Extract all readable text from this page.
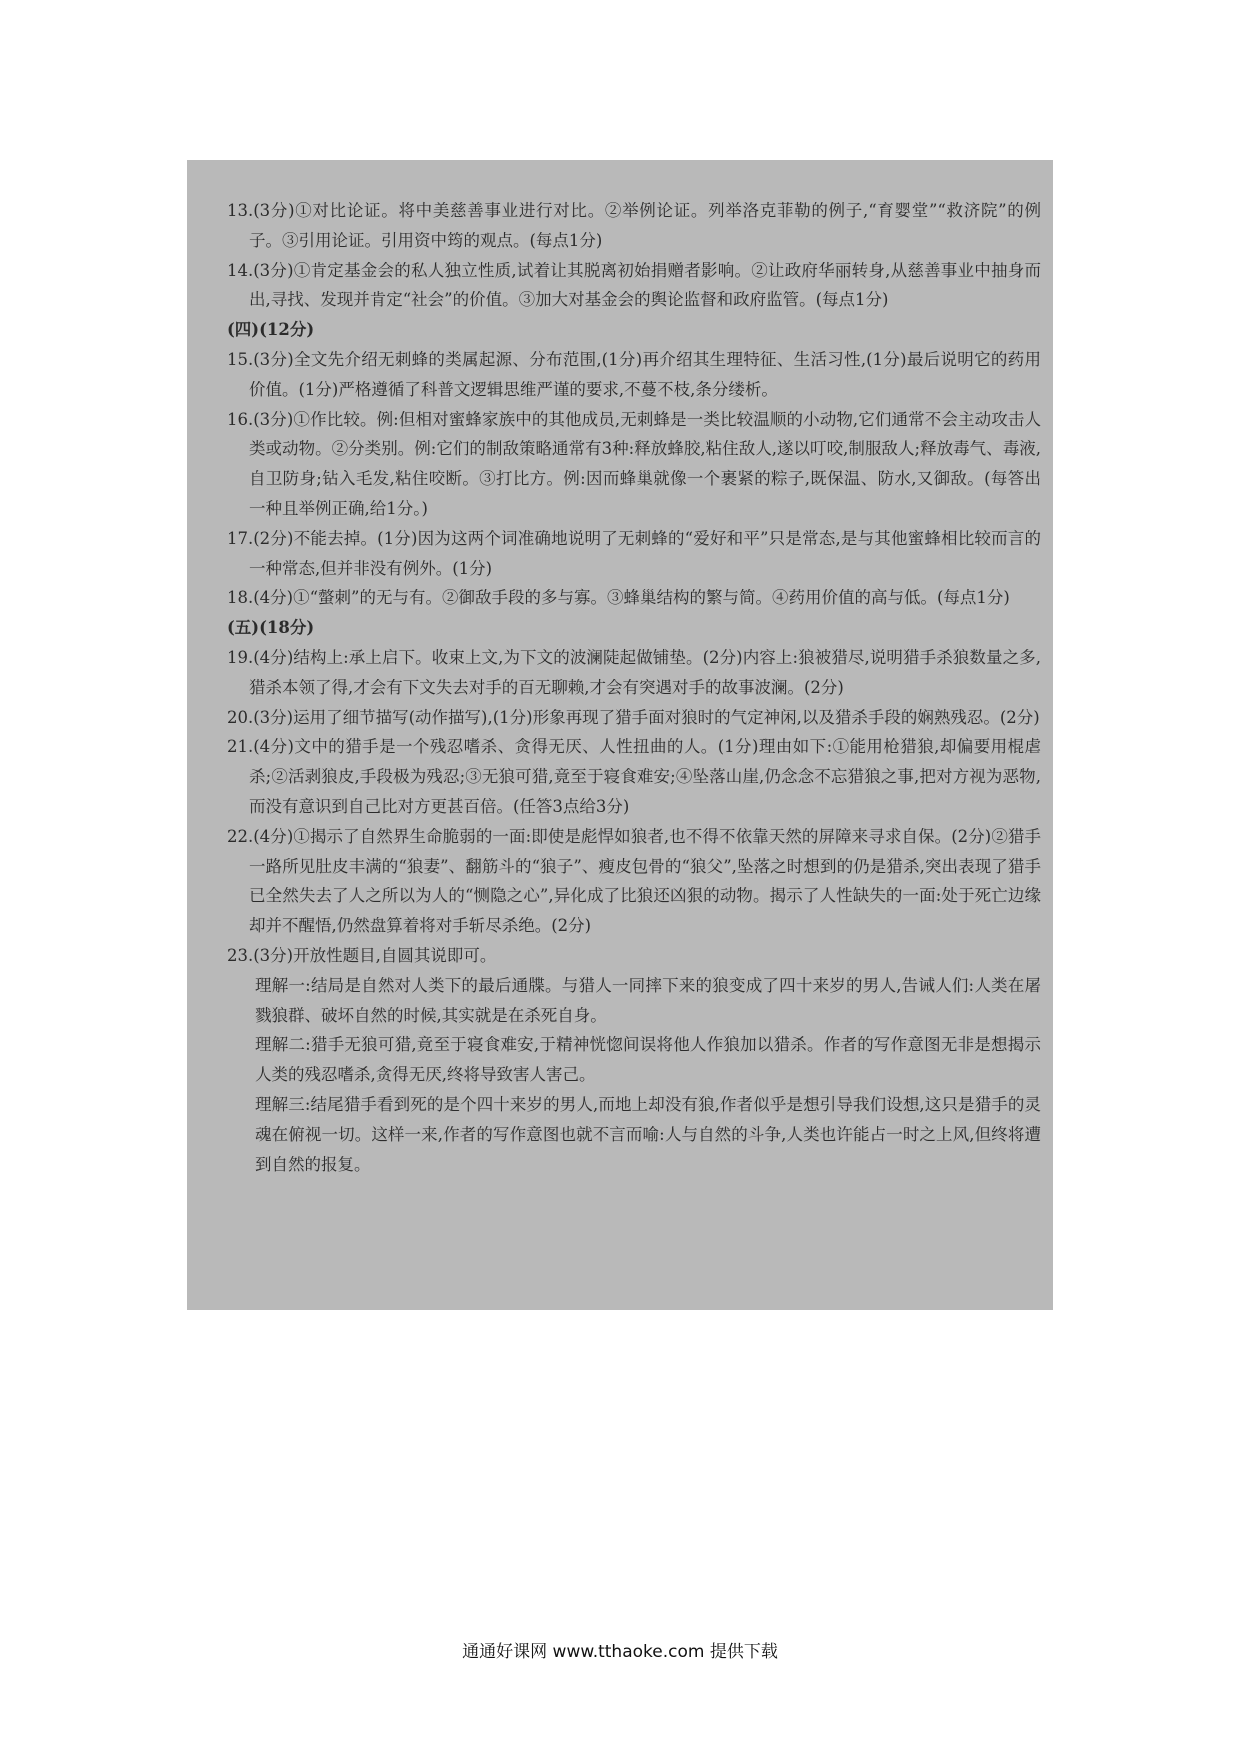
13.(3分)①对比论证。将中美慈善事业进行对比。②举例论证。列举洛克菲勒的例子,“育婴堂”“救济院”的例子。③引用论证。引用资中筠的观点。(每点1分)

14.(3分)①肯定基金会的私人独立性质,试着让其脱离初始捐赠者影响。②让政府华丽转身,从慈善事业中抽身而出,寻找、发现并肯定“社会”的价值。③加大对基金会的舆论监督和政府监管。(每点1分)

(四)(12分)

15.(3分)全文先介绍无刺蜂的类属起源、分布范围,(1分)再介绍其生理特征、生活习性,(1分)最后说明它的药用价值。(1分)严格遵循了科普文逻辑思维严谨的要求,不蔓不枝,条分缕析。

16.(3分)①作比较。例:但相对蜜蜂家族中的其他成员,无刺蜂是一类比较温顺的小动物,它们通常不会主动攻击人类或动物。②分类别。例:它们的制敌策略通常有3种:释放蜂胶,粘住敌人,遂以叮咬,制服敌人;释放毒气、毒液,自卫防身;钻入毛发,粘住咬断。③打比方。例:因而蜂巢就像一个裹紧的粽子,既保温、防水,又御敌。(每答出一种且举例正确,给1分。)

17.(2分)不能去掉。(1分)因为这两个词准确地说明了无刺蜂的“爱好和平”只是常态,是与其他蜜蜂相比较而言的一种常态,但并非没有例外。(1分)

18.(4分)①“螫刺”的无与有。②御敌手段的多与寡。③蜂巢结构的繁与简。④药用价值的高与低。(每点1分)

(五)(18分)

19.(4分)结构上:承上启下。收束上文,为下文的波澜陡起做铺垫。(2分)内容上:狼被猎尽,说明猎手杀狼数量之多,猎杀本领了得,才会有下文失去对手的百无聊赖,才会有突遇对手的故事波澜。(2分)

20.(3分)运用了细节描写(动作描写),(1分)形象再现了猎手面对狼时的气定神闲,以及猎杀手段的娴熟残忍。(2分)

21.(4分)文中的猎手是一个残忍嗜杀、贪得无厌、人性扭曲的人。(1分)理由如下:①能用枪猎狼,却偏要用棍虐杀;②活剥狼皮,手段极为残忍;③无狼可猎,竟至于寝食难安;④坠落山崖,仍念念不忘猎狼之事,把对方视为恶物,而没有意识到自己比对方更甚百倍。(任答3点给3分)

22.(4分)①揭示了自然界生命脆弱的一面:即使是彪悍如狼者,也不得不依靠天然的屏障来寻求自保。(2分)②猎手一路所见肚皮丰满的“狼妻”、翻筋斗的“狼子”、瘦皮包骨的“狼父”,坠落之时想到的仍是猎杀,突出表现了猎手已全然失去了人之所以为人的“恻隐之心”,异化成了比狼还凶狠的动物。揭示了人性缺失的一面:处于死亡边缘却并不醒悟,仍然盘算着将对手斩尽杀绝。(2分)

23.(3分)开放性题目,自圆其说即可。

理解一:结局是自然对人类下的最后通牒。与猎人一同摔下来的狼变成了四十来岁的男人,告诫人们:人类在屠戮狼群、破坏自然的时候,其实就是在杀死自身。

理解二:猎手无狼可猎,竟至于寝食难安,于精神恍惚间误将他人作狼加以猎杀。作者的写作意图无非是想揭示人类的残忍嗜杀,贪得无厌,终将导致害人害己。

理解三:结尾猎手看到死的是个四十来岁的男人,而地上却没有狼,作者似乎是想引导我们设想,这只是猎手的灵魂在俯视一切。这样一来,作者的写作意图也就不言而喻:人与自然的斗争,人类也许能占一时之上风,但终将遭到自然的报复。

通通好课网 www.tthaoke.com 提供下载
